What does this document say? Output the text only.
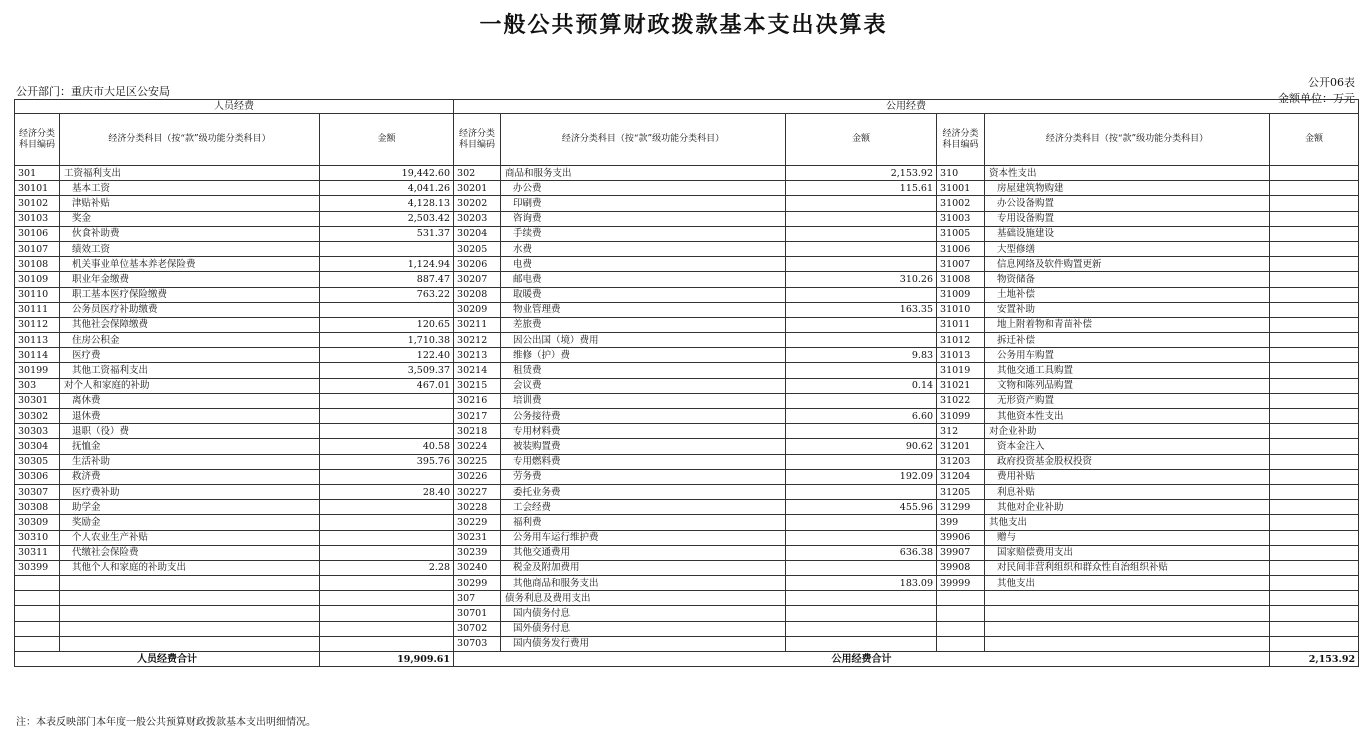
一般公共预算财政拨款基本支出决算表
公开部门：重庆市大足区公安局
公开06表
金额单位：万元
人员经费			公用经费					
经济分类科目编码	经济分类科目（按“款”级功能分类科目）	金额	经济分类科目编码	经济分类科目（按“款”级功能分类科目）	金额	经济分类科目编码	经济分类科目（按“款”级功能分类科目）	金额
301	工资福利支出	19,442.60	302	商品和服务支出	2,153.92	310	资本性支出	
30101	基本工资	4,041.26	30201	办公费	115.61	31001	房屋建筑物购建	
30102	津贴补贴	4,128.13	30202	印刷费		31002	办公设备购置	
30103	奖金	2,503.42	30203	咨询费		31003	专用设备购置	
30106	伙食补助费	531.37	30204	手续费		31005	基础设施建设	
30107	绩效工资		30205	水费		31006	大型修缮	
30108	机关事业单位基本养老保险费	1,124.94	30206	电费		31007	信息网络及软件购置更新	
30109	职业年金缴费	887.47	30207	邮电费	310.26	31008	物资储备	
30110	职工基本医疗保险缴费	763.22	30208	取暖费		31009	土地补偿	
30111	公务员医疗补助缴费		30209	物业管理费	163.35	31010	安置补助	
30112	其他社会保障缴费	120.65	30211	差旅费		31011	地上附着物和青苗补偿	
30113	住房公积金	1,710.38	30212	因公出国（境）费用		31012	拆迁补偿	
30114	医疗费	122.40	30213	维修（护）费	9.83	31013	公务用车购置	
30199	其他工资福利支出	3,509.37	30214	租赁费		31019	其他交通工具购置	
303	对个人和家庭的补助	467.01	30215	会议费	0.14	31021	文物和陈列品购置	
30301	离休费		30216	培训费		31022	无形资产购置	
30302	退休费		30217	公务接待费	6.60	31099	其他资本性支出	
30303	退职（役）费		30218	专用材料费		312	对企业补助	
30304	抚恤金	40.58	30224	被装购置费	90.62	31201	资本金注入	
30305	生活补助	395.76	30225	专用燃料费		31203	政府投资基金股权投资	
30306	救济费		30226	劳务费	192.09	31204	费用补贴	
30307	医疗费补助	28.40	30227	委托业务费		31205	利息补贴	
30308	助学金		30228	工会经费	455.96	31299	其他对企业补助	
30309	奖励金		30229	福利费		399	其他支出	
30310	个人农业生产补贴		30231	公务用车运行维护费		39906	赠与	
30311	代缴社会保险费		30239	其他交通费用	636.38	39907	国家赔偿费用支出	
30399	其他个人和家庭的补助支出	2.28	30240	税金及附加费用		39908	对民间非营利组织和群众性自治组织补贴	
			30299	其他商品和服务支出	183.09	39999	其他支出	
			307	债务利息及费用支出				
			30701	国内债务付息				
			30702	国外债务付息				
			30703	国内债务发行费用				
人员经费合计		19,909.61	公用经费合计					2,153.92
注：本表反映部门本年度一般公共预算财政拨款基本支出明细情况。
